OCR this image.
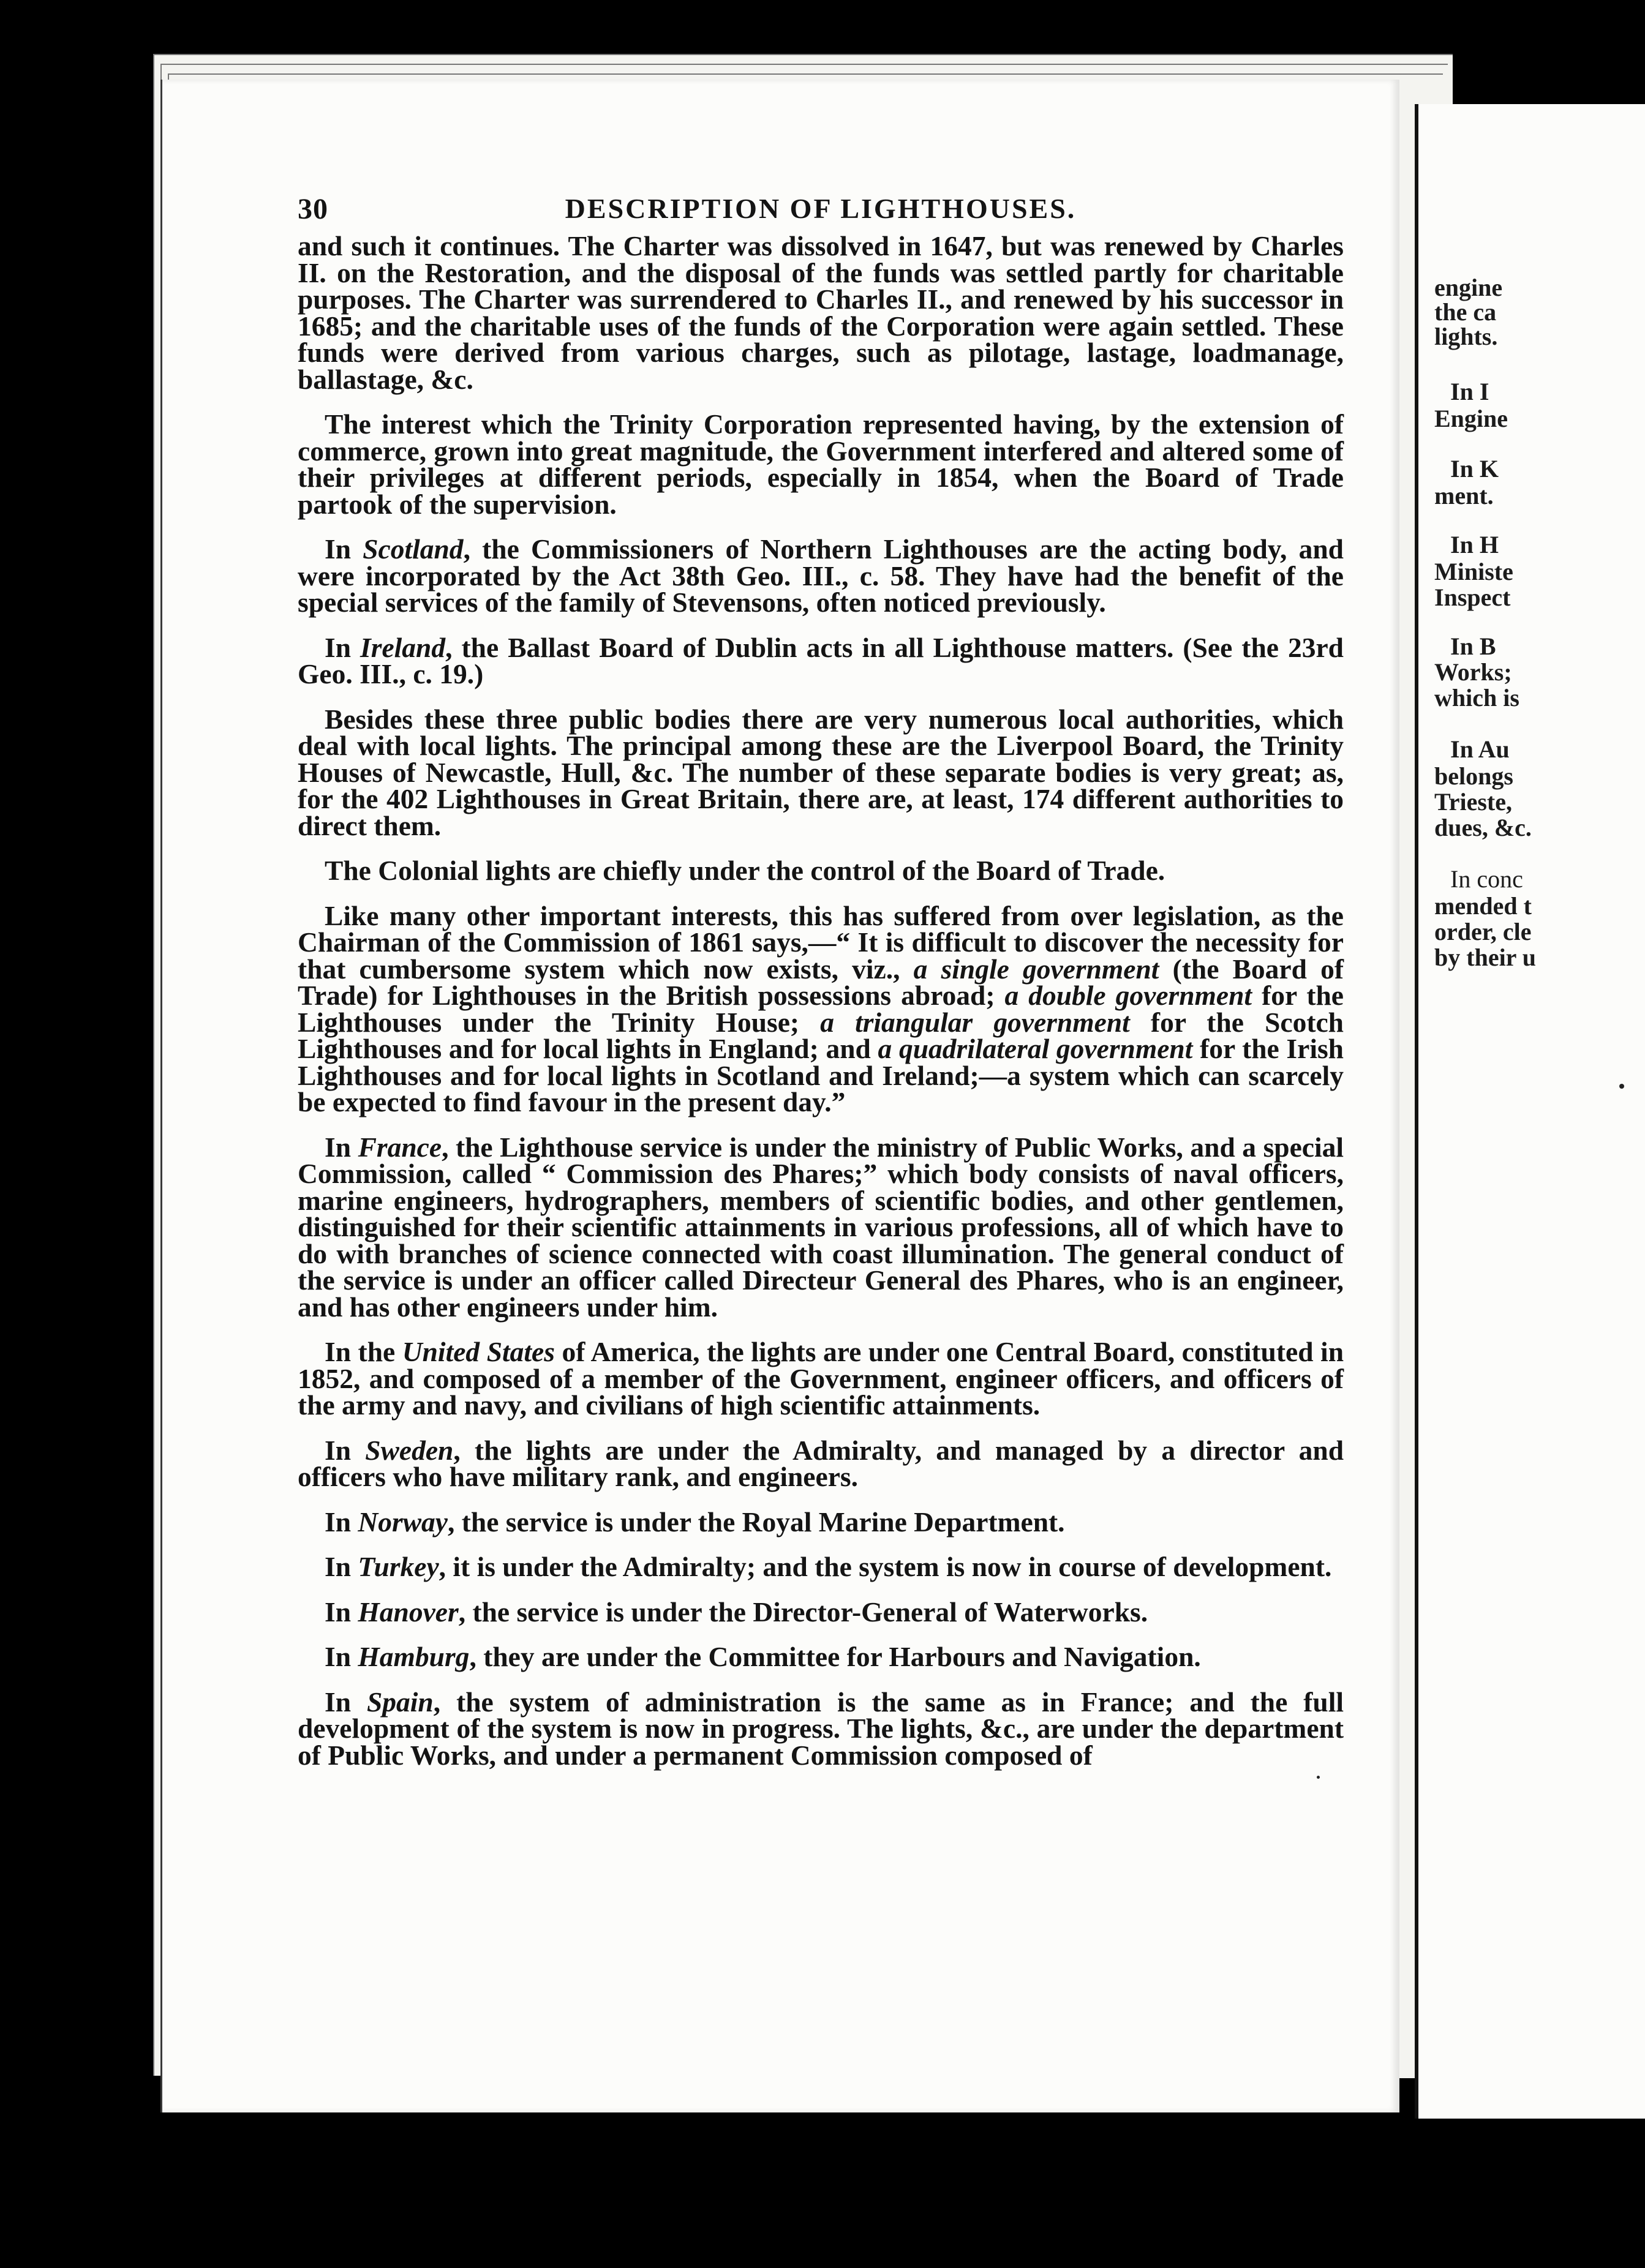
engine
the ca
lights.
In I
Engine
In K
ment.
In H
Ministe
Inspect
In B
Works;
which is
In Au
belongs
Trieste,
dues, &c.
In conc
mended t
order, cle
by their u
30	DESCRIPTION OF LIGHTHOUSES.

and such it continues. The Charter was dissolved in 1647, but was renewed by Charles II. on the Restoration, and the disposal of the funds was settled partly for charitable purposes. The Charter was surrendered to Charles II., and renewed by his successor in 1685; and the charitable uses of the funds of the Corporation were again settled. These funds were derived from various charges, such as pilotage, lastage, loadmanage, ballastage, &c.

The interest which the Trinity Corporation represented having, by the extension of commerce, grown into great magnitude, the Government interfered and altered some of their privileges at different periods, especially in 1854, when the Board of Trade partook of the supervision.

In Scotland, the Commissioners of Northern Lighthouses are the acting body, and were incorporated by the Act 38th Geo. III., c. 58. They have had the benefit of the special services of the family of Stevensons, often noticed previously.

In Ireland, the Ballast Board of Dublin acts in all Lighthouse matters. (See the 23rd Geo. III., c. 19.)

Besides these three public bodies there are very numerous local authorities, which deal with local lights. The principal among these are the Liverpool Board, the Trinity Houses of Newcastle, Hull, &c. The number of these separate bodies is very great; as, for the 402 Lighthouses in Great Britain, there are, at least, 174 different authorities to direct them.

The Colonial lights are chiefly under the control of the Board of Trade.

Like many other important interests, this has suffered from over legislation, as the Chairman of the Commission of 1861 says,—“ It is difficult to discover the necessity for that cumbersome system which now exists, viz., a single government (the Board of Trade) for Lighthouses in the British possessions abroad; a double government for the Lighthouses under the Trinity House; a triangular government for the Scotch Lighthouses and for local lights in England; and a quadrilateral government for the Irish Lighthouses and for local lights in Scotland and Ireland;—a system which can scarcely be expected to find favour in the present day.”

In France, the Lighthouse service is under the ministry of Public Works, and a special Commission, called “ Commission des Phares;” which body consists of naval officers, marine engineers, hydrographers, members of scientific bodies, and other gentlemen, distinguished for their scientific attainments in various professions, all of which have to do with branches of science connected with coast illumination. The general conduct of the service is under an officer called Directeur General des Phares, who is an engineer, and has other engineers under him.

In the United States of America, the lights are under one Central Board, constituted in 1852, and composed of a member of the Government, engineer officers, and officers of the army and navy, and civilians of high scientific attainments.

In Sweden, the lights are under the Admiralty, and managed by a director and officers who have military rank, and engineers.

In Norway, the service is under the Royal Marine Department.

In Turkey, it is under the Admiralty; and the system is now in course of development.

In Hanover, the service is under the Director-General of Waterworks.

In Hamburg, they are under the Committee for Harbours and Navigation.

In Spain, the system of administration is the same as in France; and the full development of the system is now in progress. The lights, &c., are under the department of Public Works, and under a permanent Commission composed of
